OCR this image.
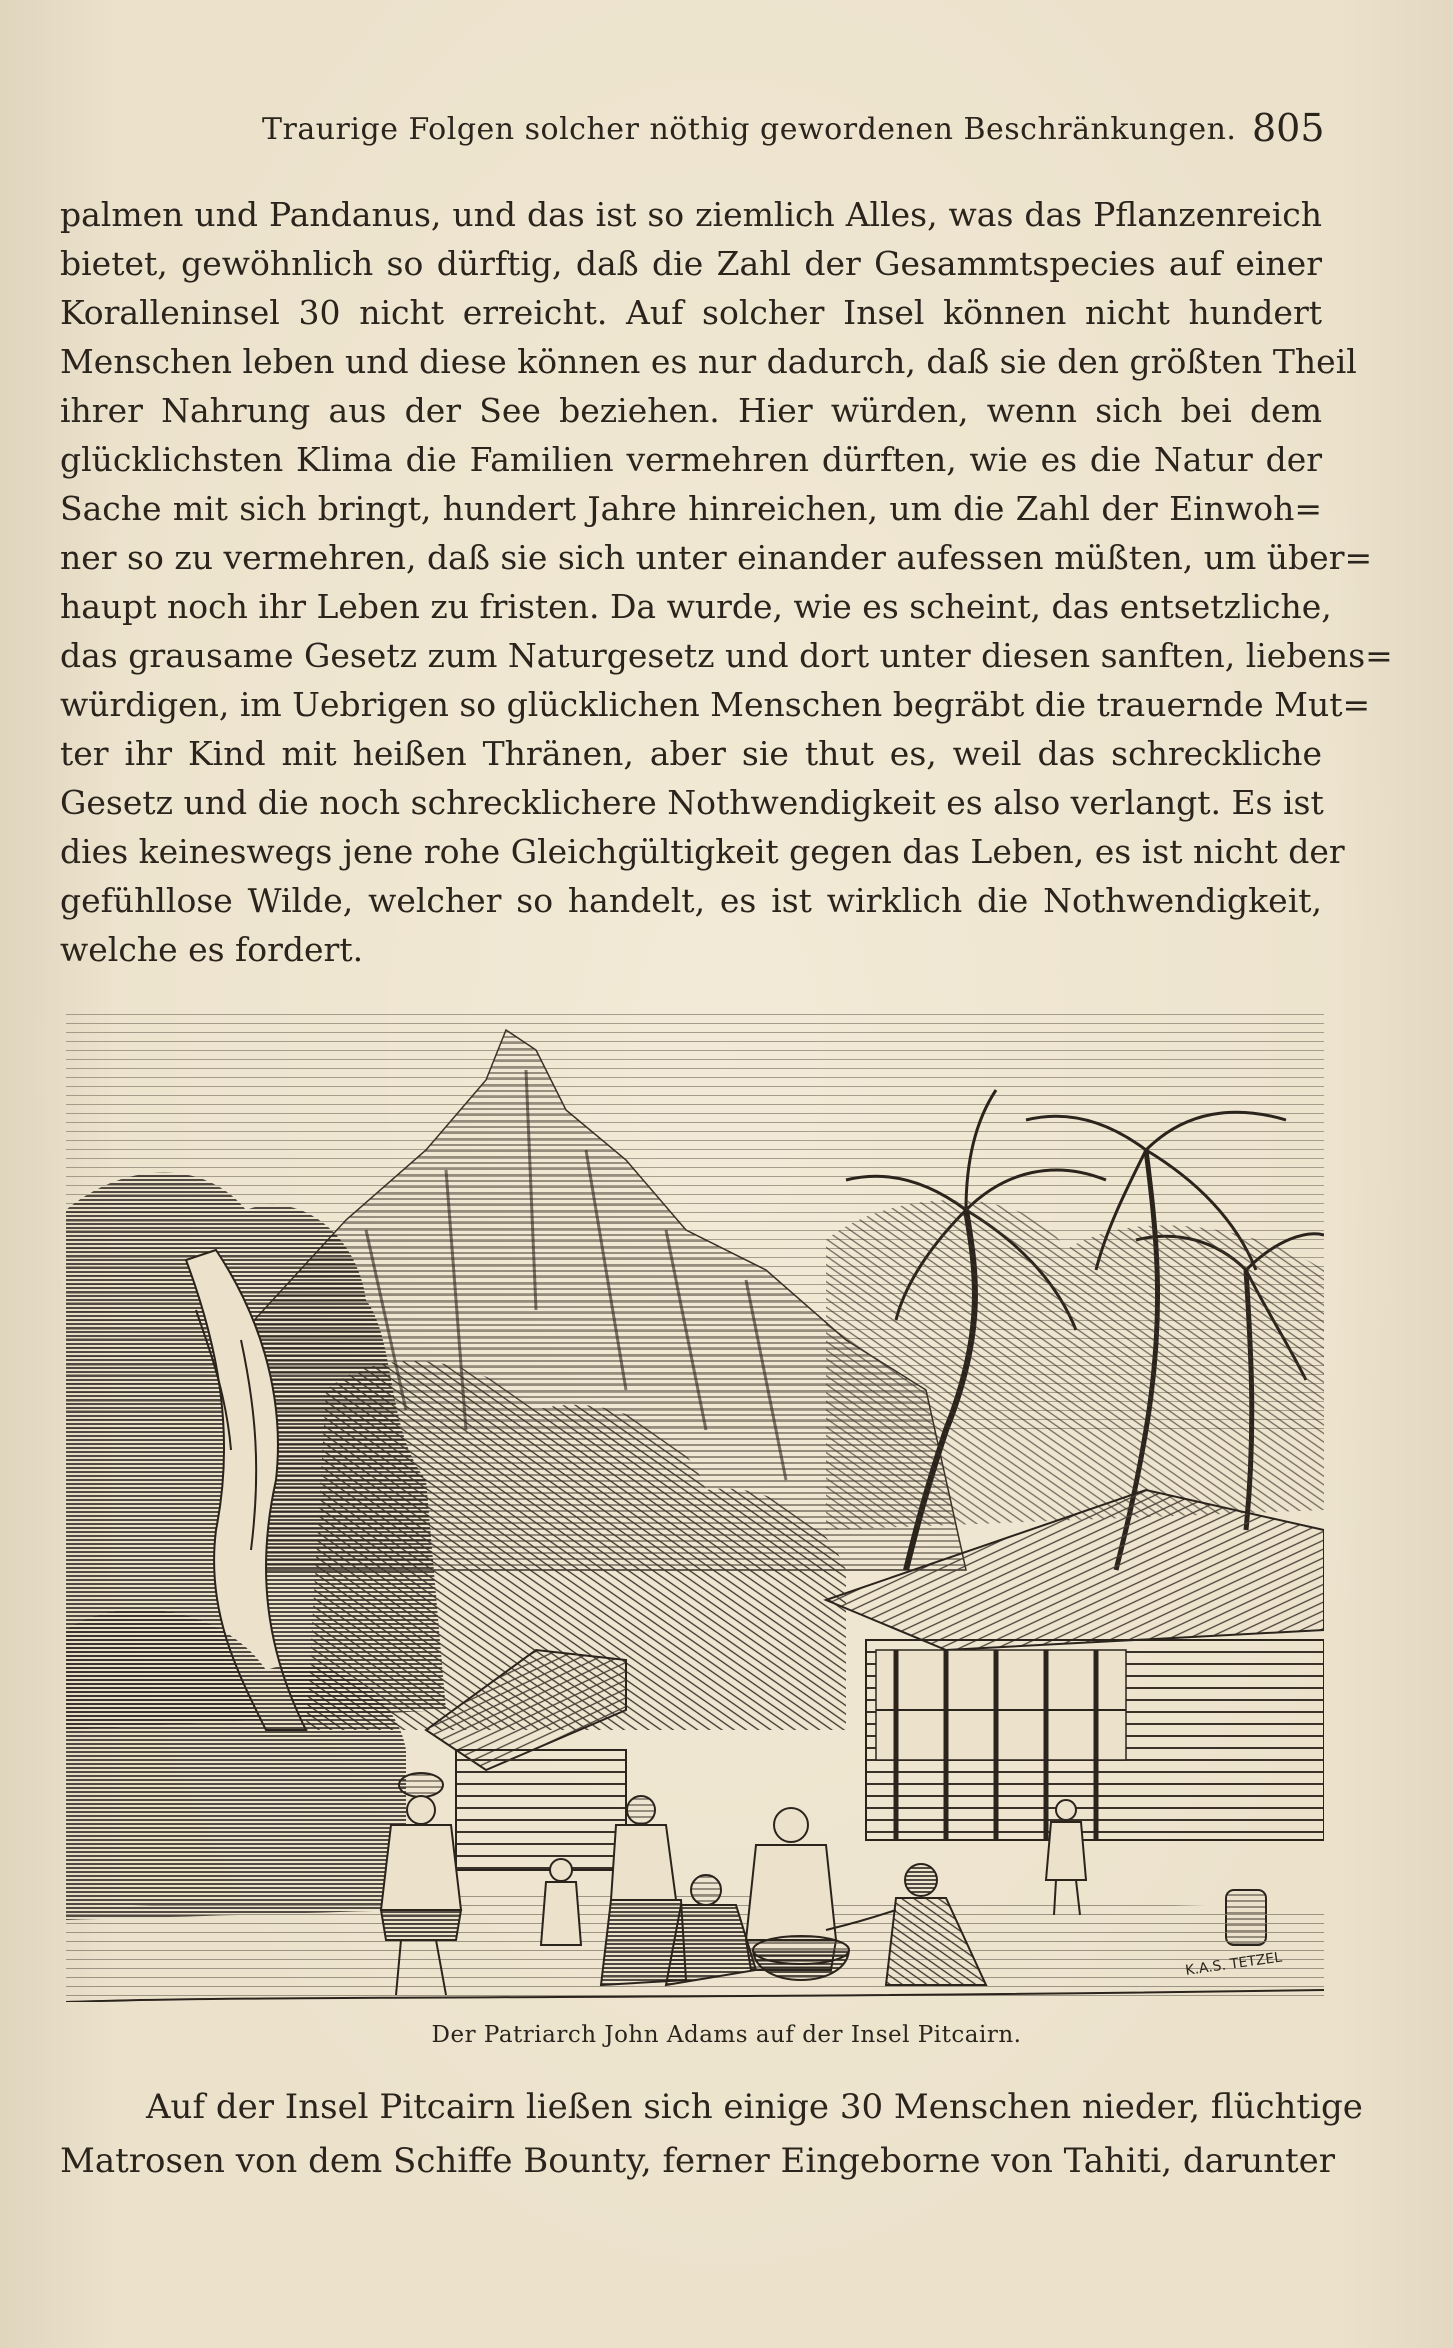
Traurige Folgen solcher nöthig gewordenen Beschränkungen. 805
palmen und Pandanus, und das ist so ziemlich Alles, was das Pflanzenreich
bietet, gewöhnlich so dürftig, daß die Zahl der Gesammtspecies auf einer
Koralleninsel 30 nicht erreicht. Auf solcher Insel können nicht hundert
Menschen leben und diese können es nur dadurch, daß sie den größten Theil
ihrer Nahrung aus der See beziehen. Hier würden, wenn sich bei dem
glücklichsten Klima die Familien vermehren dürften, wie es die Natur der
Sache mit sich bringt, hundert Jahre hinreichen, um die Zahl der Einwoh=
ner so zu vermehren, daß sie sich unter einander aufessen müßten, um über=
haupt noch ihr Leben zu fristen. Da wurde, wie es scheint, das entsetzliche,
das grausame Gesetz zum Naturgesetz und dort unter diesen sanften, liebens=
würdigen, im Uebrigen so glücklichen Menschen begräbt die trauernde Mut=
ter ihr Kind mit heißen Thränen, aber sie thut es, weil das schreckliche
Gesetz und die noch schrecklichere Nothwendigkeit es also verlangt. Es ist
dies keineswegs jene rohe Gleichgültigkeit gegen das Leben, es ist nicht der
gefühllose Wilde, welcher so handelt, es ist wirklich die Nothwendigkeit,
welche es fordert.
K.A.S. TETZEL
Der Patriarch John Adams auf der Insel Pitcairn.
Auf der Insel Pitcairn ließen sich einige 30 Menschen nieder, flüchtige
Matrosen von dem Schiffe Bounty, ferner Eingeborne von Tahiti, darunter
